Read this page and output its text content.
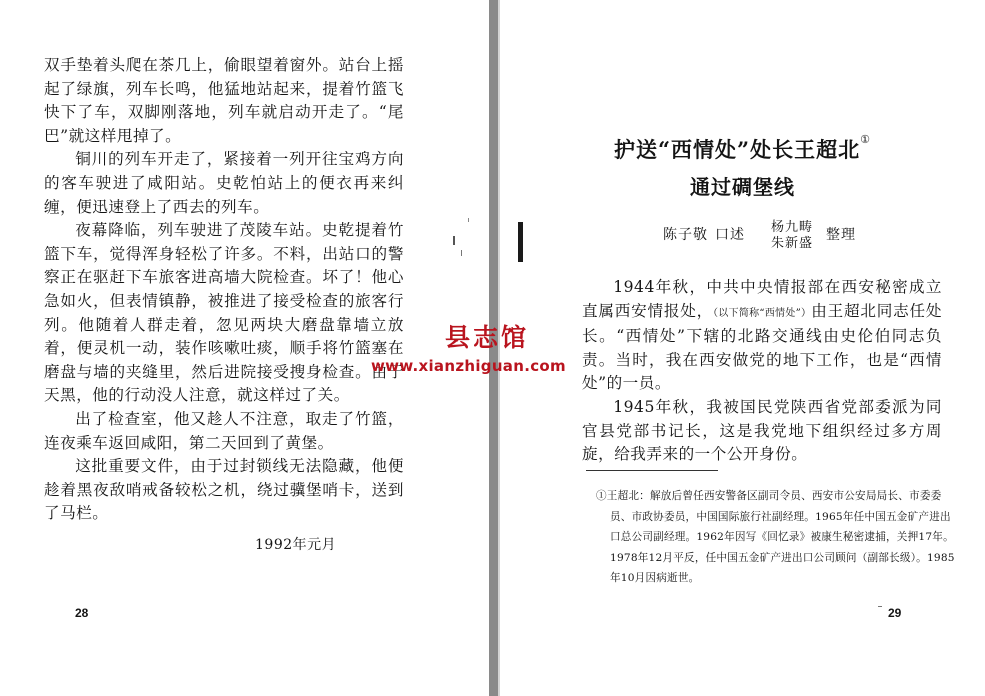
双手垫着头爬在茶几上，偷眼望着窗外。站台上摇起了绿旗，列车长鸣，他猛地站起来，提着竹篮飞快下了车，双脚刚落地，列车就启动开走了。“尾巴”就这样甩掉了。

铜川的列车开走了，紧接着一列开往宝鸡方向的客车驶进了咸阳站。史乾怕站上的便衣再来纠缠，便迅速登上了西去的列车。

夜幕降临，列车驶进了茂陵车站。史乾提着竹篮下车，觉得浑身轻松了许多。不料，出站口的警察正在驱赶下车旅客进高墙大院检查。坏了！他心急如火，但表情镇静，被推进了接受检查的旅客行列。他随着人群走着，忽见两块大磨盘靠墙立放着，便灵机一动，装作咳嗽吐痰，顺手将竹篮塞在磨盘与墙的夹缝里，然后进院接受搜身检查。由于天黑，他的行动没人注意，就这样过了关。

出了检查室，他又趁人不注意，取走了竹篮，连夜乘车返回咸阳，第二天回到了黄堡。

这批重要文件，由于过封锁线无法隐藏，他便趁着黑夜敌哨戒备较松之机，绕过骥堡哨卡，送到了马栏。

1992年元月
28
护送“西情处”处长王超北①
通过碉堡线
陈子敬 口述 杨九畴
朱新盛
整理

1944年秋，中共中央情报部在西安秘密成立直属西安情报处，（以下简称“西情处”）由王超北同志任处长。“西情处”下辖的北路交通线由史伦伯同志负责。当时，我在西安做党的地下工作，也是“西情处”的一员。

1945年秋，我被国民党陕西省党部委派为同官县党部书记长，这是我党地下组织经过多方周旋，给我弄来的一个公开身份。

①王超北：解放后曾任西安警备区副司令员、西安市公安局局长、市委委员、市政协委员，中国国际旅行社副经理。1965年任中国五金矿产进出口总公司副经理。1962年因写《回忆录》被康生秘密逮捕，关押17年。1978年12月平反，任中国五金矿产进出口公司顾问（副部长级）。1985年10月因病逝世。

29
县志馆
www.xianzhiguan.com
